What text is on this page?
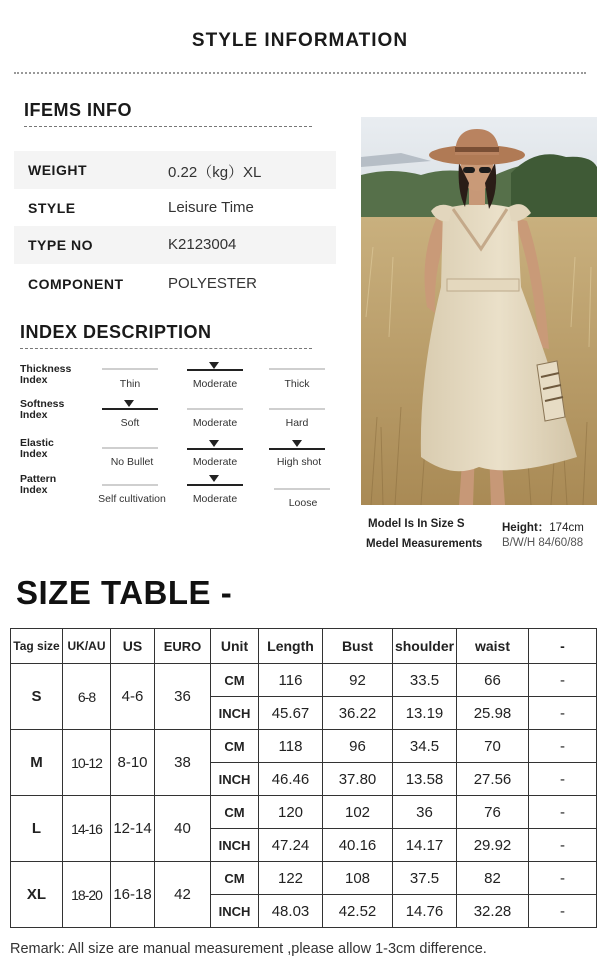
STYLE INFORMATION
IFEMS INFO
WEIGHT	0.22（kg）XL
STYLE	Leisure Time
TYPE NO	K2123004
COMPONENT	POLYESTER
INDEX DESCRIPTION
Thickness
Index	Thin	Moderate	Thick
Softness
Index
Soft	Moderate	Hard
Elastic
Index
No Bullet	Moderate	High shot
Pattern
Index
Self cultivation	Moderate	Loose
Model Is In Size S
Medel Measurements
Height：174cm
B/W/H 84/60/88
SIZE TABLE -
Tag size	UK/AU	US	EURO	Unit	Length	Bust	shoulder	waist	-
S	6-8	4-6	36	CM	116	92	33.5	66	-
				INCH	45.67	36.22	13.19	25.98	-
M	10-12	8-10	38	CM	118	96	34.5	70	-
				INCH	46.46	37.80	13.58	27.56	-
L	14-16	12-14	40	CM	120	102	36	76	-
				INCH	47.24	40.16	14.17	29.92	-
XL	18-20	16-18	42	CM	122	108	37.5	82	-
				INCH	48.03	42.52	14.76	32.28	-
Remark: All size are manual measurement ,please allow 1-3cm difference.
